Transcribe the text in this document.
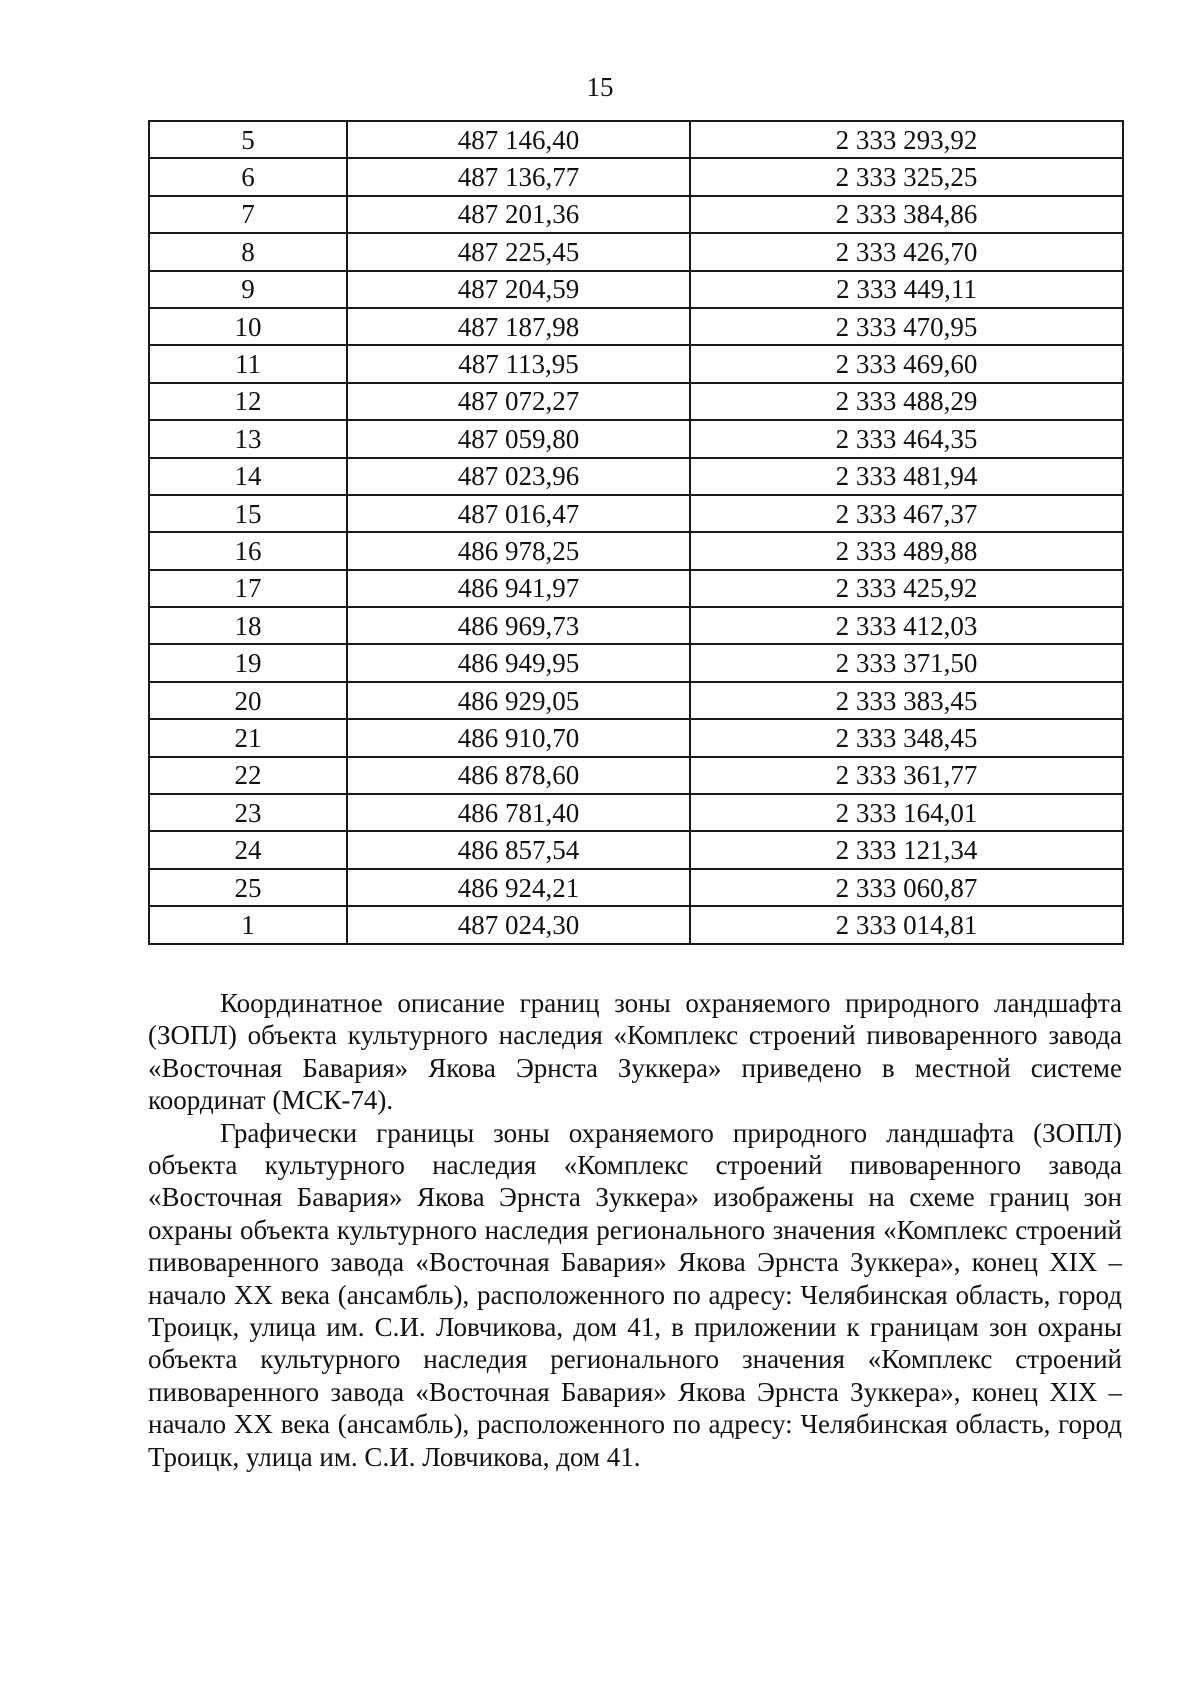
15
5	487 146,40	2 333 293,92
6	487 136,77	2 333 325,25
7	487 201,36	2 333 384,86
8	487 225,45	2 333 426,70
9	487 204,59	2 333 449,11
10	487 187,98	2 333 470,95
11	487 113,95	2 333 469,60
12	487 072,27	2 333 488,29
13	487 059,80	2 333 464,35
14	487 023,96	2 333 481,94
15	487 016,47	2 333 467,37
16	486 978,25	2 333 489,88
17	486 941,97	2 333 425,92
18	486 969,73	2 333 412,03
19	486 949,95	2 333 371,50
20	486 929,05	2 333 383,45
21	486 910,70	2 333 348,45
22	486 878,60	2 333 361,77
23	486 781,40	2 333 164,01
24	486 857,54	2 333 121,34
25	486 924,21	2 333 060,87
1	487 024,30	2 333 014,81

Координатное описание границ зоны охраняемого природного ландшафта (ЗОПЛ) объекта культурного наследия «Комплекс строений пивоваренного завода «Восточная Бавария» Якова Эрнста Зуккера» приведено в местной системе координат (МСК-74).

Графически границы зоны охраняемого природного ландшафта (ЗОПЛ) объекта культурного наследия «Комплекс строений пивоваренного завода «Восточная Бавария» Якова Эрнста Зуккера» изображены на схеме границ зон охраны объекта культурного наследия регионального значения «Комплекс строений пивоваренного завода «Восточная Бавария» Якова Эрнста Зуккера», конец XIX – начало XX века (ансамбль), расположенного по адресу: Челябинская область, город Троицк, улица им. С.И. Ловчикова, дом 41, в приложении к границам зон охраны объекта культурного наследия регионального значения «Комплекс строений пивоваренного завода «Восточная Бавария» Якова Эрнста Зуккера», конец XIX – начало XX века (ансамбль), расположенного по адресу: Челябинская область, город Троицк, улица им. С.И. Ловчикова, дом 41.
